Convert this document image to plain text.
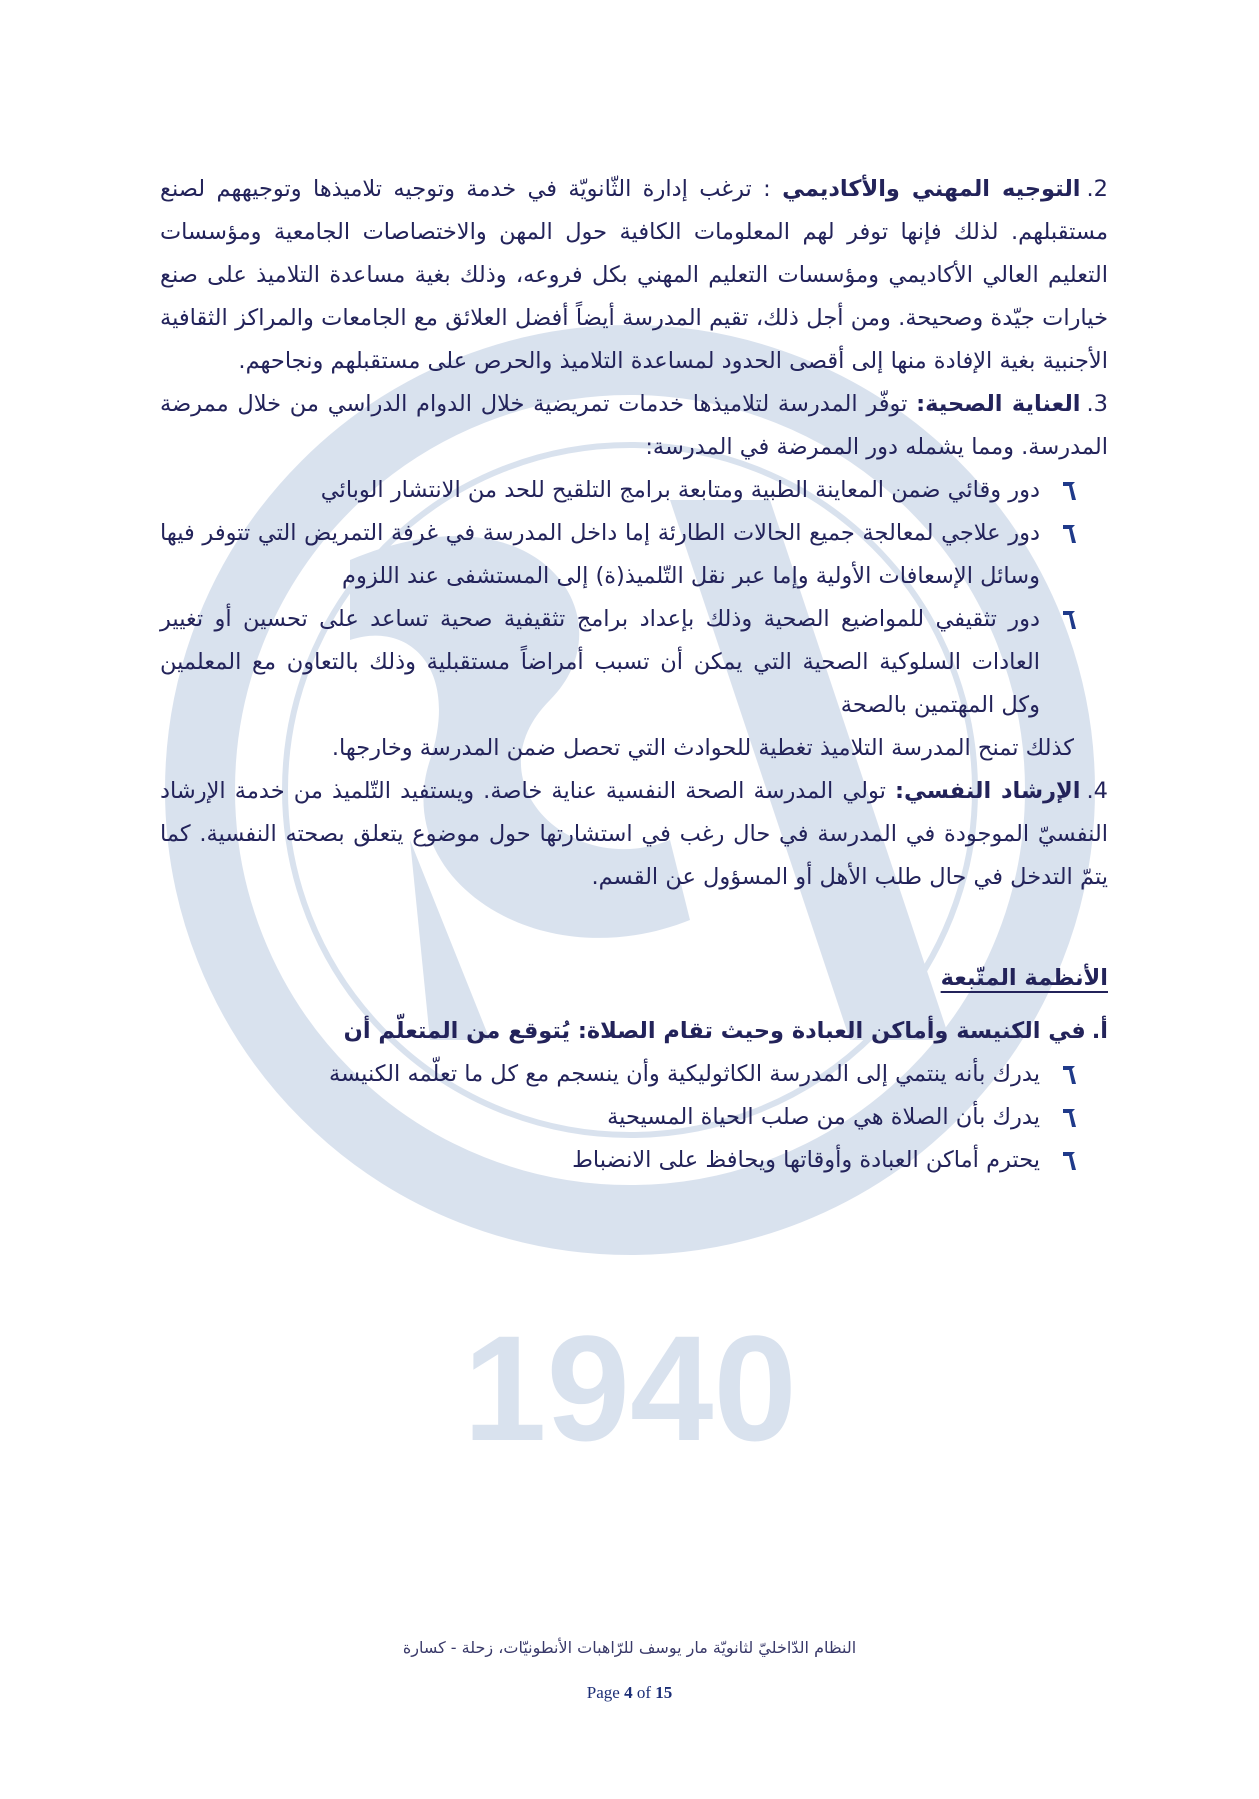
1940

2.التوجيه المهني والأكاديمي : ترغب إدارة الثّانويّة في خدمة وتوجيه تلاميذها وتوجيههم لصنع مستقبلهم. لذلك فإنها توفر لهم المعلومات الكافية حول المهن والاختصاصات الجامعية ومؤسسات التعليم العالي الأكاديمي ومؤسسات التعليم المهني بكل فروعه، وذلك بغية مساعدة التلاميذ على صنع خيارات جيّدة وصحيحة. ومن أجل ذلك، تقيم المدرسة أيضاً أفضل العلائق مع الجامعات والمراكز الثقافية الأجنبية بغية الإفادة منها إلى أقصى الحدود لمساعدة التلاميذ والحرص على مستقبلهم ونجاحهم.

3.العناية الصحية: توفّر المدرسة لتلاميذها خدمات تمريضية خلال الدوام الدراسي من خلال ممرضة المدرسة. ومما يشمله دور الممرضة في المدرسة:

دور وقائي ضمن المعاينة الطبية ومتابعة برامج التلقيح للحد من الانتشار الوبائي

دور علاجي لمعالجة جميع الحالات الطارئة إما داخل المدرسة في غرفة التمريض التي تتوفر فيها وسائل الإسعافات الأولية وإما عبر نقل التّلميذ(ة) إلى المستشفى عند اللزوم

دور تثقيفي للمواضيع الصحية وذلك بإعداد برامج تثقيفية صحية تساعد على تحسين أو تغيير العادات السلوكية الصحية التي يمكن أن تسبب أمراضاً مستقبلية وذلك بالتعاون مع المعلمين وكل المهتمين بالصحة

كذلك تمنح المدرسة التلاميذ تغطية للحوادث التي تحصل ضمن المدرسة وخارجها.

4.الإرشاد النفسي: تولي المدرسة الصحة النفسية عناية خاصة. ويستفيد التّلميذ من خدمة الإرشاد النفسيّ الموجودة في المدرسة في حال رغب في استشارتها حول موضوع يتعلق بصحته النفسية. كما يتمّ التدخل في حال طلب الأهل أو المسؤول عن القسم.

الأنظمة المتّبعة

أ.في الكنيسة وأماكن العبادة وحيث تقام الصلاة: يُتوقع من المتعلّم أن

يدرك بأنه ينتمي إلى المدرسة الكاثوليكية وأن ينسجم مع كل ما تعلّمه الكنيسة

يدرك بأن الصلاة هي من صلب الحياة المسيحية

يحترم أماكن العبادة وأوقاتها ويحافظ على الانضباط

النظام الدّاخليّ لثانويّة مار يوسف للرّاهبات الأنطونيّات، زحلة - كسارة
Page 4 of 15
